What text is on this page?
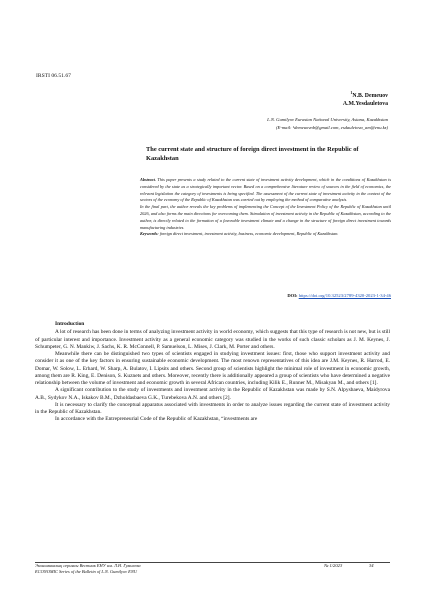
IRSTI 06.51.67
$^1$N.B. Demeuov
A.M.Yesdauletova
L.N. Gumilyov Eurasian National University, Astana, Kazakhstan
(E-mail: ¹demeuovnb@gmail.com, esdauletova_am@enu.kz)
The current state and structure of foreign direct investment in the Republic of Kazakhstan
Abstract. This paper presents a study related to the current state of investment activity development, which in the conditions of Kazakhstan is considered by the state as a strategically important vector. Based on a comprehensive literature review of sources in the field of economics, the relevant legislation the category of investments is being specified. The assessment of the current state of investment activity in the context of the sectors of the economy of the Republic of Kazakhstan was carried out by employing the method of comparative analysis.
In the final part, the author reveals the key problems of implementing the Concept of the Investment Policy of the Republic of Kazakhstan until 2026, and also forms the main directions for overcoming them. Stimulation of investment activity in the Republic of Kazakhstan, according to the author, is directly related to the formation of a favorable investment climate and a change in the structure of foreign direct investment towards manufacturing industries.
Keywords: foreign direct investment, investment activity, business, economic development, Republic of Kazakhstan.
DOI: https://doi.org/10.32523/2789-4320-2023-1-34-46
Introduction

A lot of research has been done in terms of analyzing investment activity in world economy, which suggests that this type of research is not new, but is still of particular interest and importance. Investment activity as a general economic category was studied in the works of such classic scholars as J. M. Keynes, J. Schumpeter, G. N. Mankiw, J. Sachs, K. R. McConnell, P. Samuelson, L. Mises, J. Clark, M. Porter and others.

Meanwhile there can be distinguished two types of scientists engaged in studying investment issues: first, those who support investment activity and consider it as one of the key factors in ensuring sustainable economic development. The most renown representatives of this idea are J.M. Keynes, R. Harrod, E. Domar, W. Solow, L. Erhard, W. Sharp, A. Bulatov, I. Lipsits and others. Second group of scientists highlight the minimal role of investment in economic growth, among them are R. King, E. Denison, S. Kuznets and others. Moreover, recently there is additionally appeared a group of scientists who have determined a negative relationship between the volume of investment and economic growth in several African countries, including Kilik E., Runner M., Misakyan M., and others [1].

A significant contribution to the study of investments and investment activity in the Republic of Kazakhstan was made by S.N. Alpysbaeva, Maidyrova A.B., Sydykov N.A., Iskakov B.M., Dzholdasbaeva G.K., Turebekova A.N. and others [2].

It is necessary to clarify the conceptual apparatus associated with investments in order to analyze issues regarding the current state of investment activity in the Republic of Kazakhstan.

In accordance with the Entrepreneurial Code of the Republic of Kazakhstan, “investments are

Экономикалық сериясы Вестник ЕНУ им. Л.Н. Гумилева
ECONOMIC Series of the Bulletin of L.N. Gumilyov ENU
№ 1/2023	34
